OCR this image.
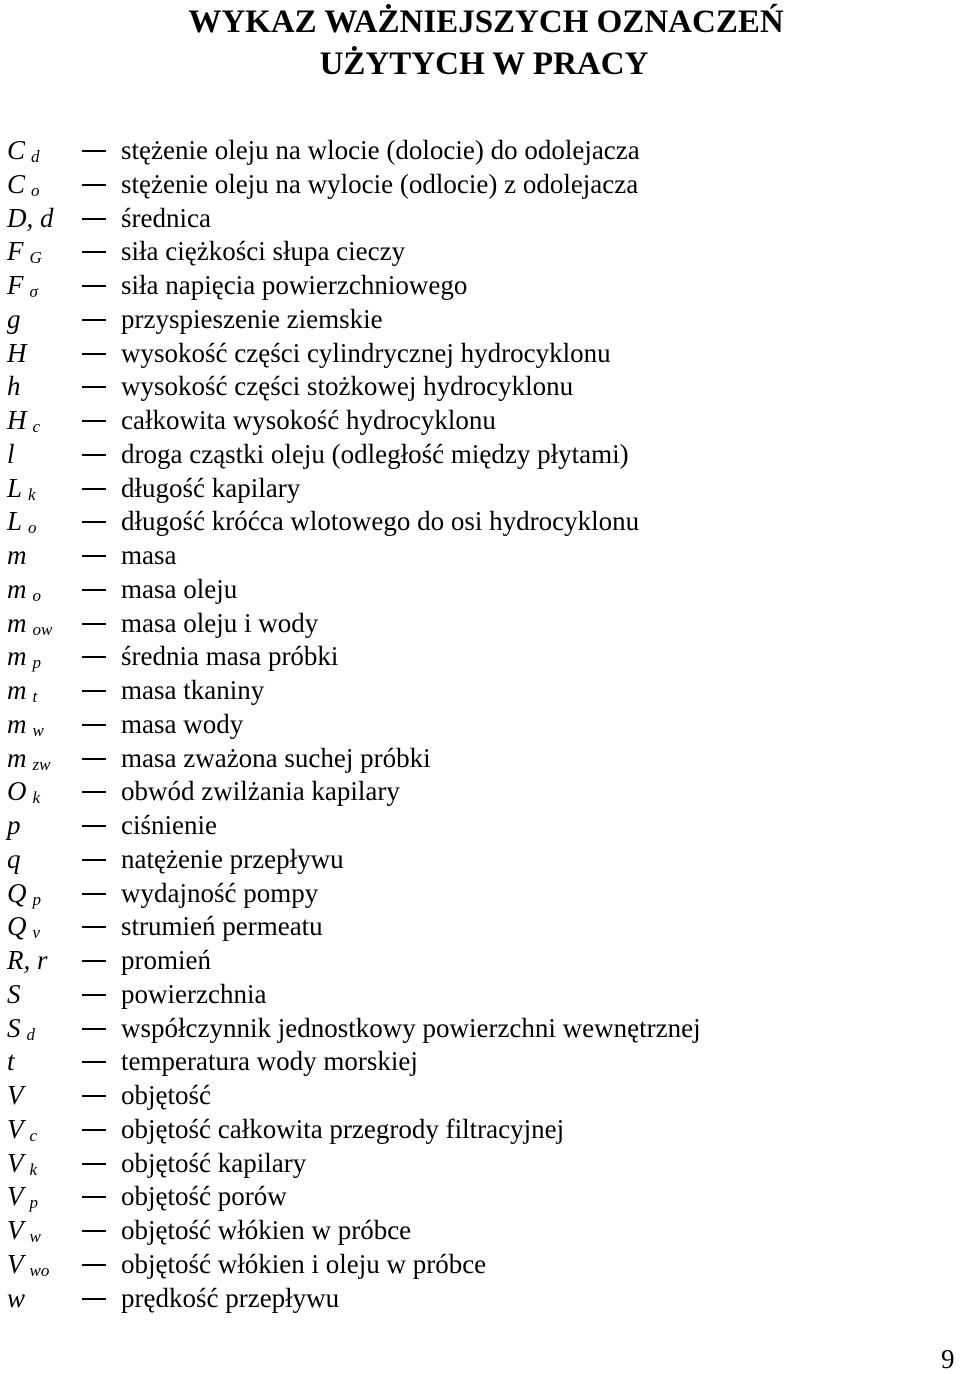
WYKAZ WAŻNIEJSZYCH OZNACZEŃ
UŻYTYCH W PRACY
C $_d$	stężenie oleju na wlocie (dolocie) do odolejacza
C $_o$	stężenie oleju na wylocie (odlocie) z odolejacza
D, d	średnica
F $_G$	siła ciężkości słupa cieczy
F $_\sigma$	siła napięcia powierzchniowego
g	przyspieszenie ziemskie
H	wysokość części cylindrycznej hydrocyklonu
h	wysokość części stożkowej hydrocyklonu
H $_c$	całkowita wysokość hydrocyklonu
l	droga cząstki oleju (odległość między płytami)
L $_k$	długość kapilary
L $_o$	długość króćca wlotowego do osi hydrocyklonu
m	masa
m $_o$	masa oleju
m $_{ow}$	masa oleju i wody
m $_p$	średnia masa próbki
m $_t$	masa tkaniny
m $_w$	masa wody
m $_{zw}$	masa zważona suchej próbki
O $_k$	obwód zwilżania kapilary
p	ciśnienie
q	natężenie przepływu
Q $_p$	wydajność pompy
Q $_v$	strumień permeatu
R, r	promień
S	powierzchnia
S $_d$	współczynnik jednostkowy powierzchni wewnętrznej
t	temperatura wody morskiej
V	objętość
V $_c$	objętość całkowita przegrody filtracyjnej
V $_k$	objętość kapilary
V $_p$	objętość porów
V $_w$	objętość włókien w próbce
V $_{wo}$	objętość włókien i oleju w próbce
w	prędkość przepływu
9
